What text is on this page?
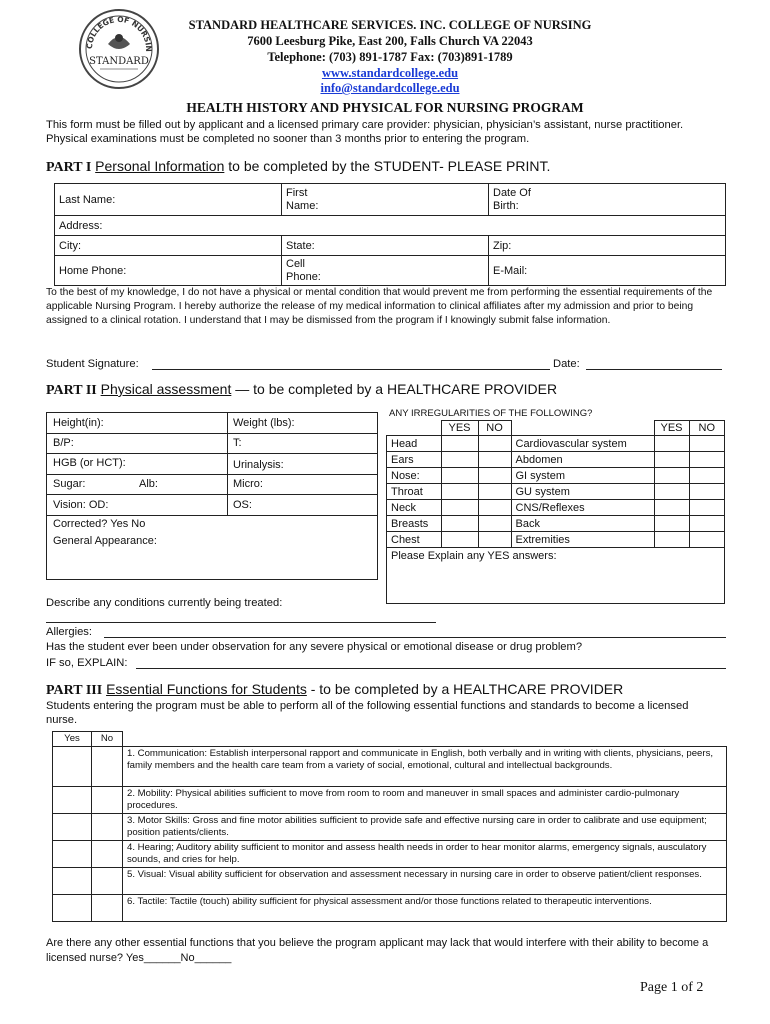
COLLEGE OF NURSIN
STANDARD
STANDARD HEALTHCARE SERVICES. INC. COLLEGE OF NURSING
7600 Leesburg Pike, East 200, Falls Church VA 22043
Telephone: (703) 891-1787 Fax: (703)891-1789
www.standardcollege.edu
info@standardcollege.edu
HEALTH HISTORY AND PHYSICAL FOR NURSING PROGRAM
This form must be filled out by applicant and a licensed primary care provider: physician, physician’s assistant, nurse practitioner. Physical examinations must be completed no sooner than 3 months prior to entering the program.
PART I Personal Information to be completed by the STUDENT- PLEASE PRINT.
Last Name:	First Name:	Date Of Birth:
Address:		
City:	State:	Zip:
Home Phone:	Cell Phone:	E-Mail:
To the best of my knowledge, I do not have a physical or mental condition that would prevent me from performing the essential requirements of the applicable Nursing Program. I hereby authorize the release of my medical information to clinical affiliates after my admission and prior to being assigned to a clinical rotation. I understand that I may be dismissed from the program if I knowingly submit false information.
Student Signature:	Date:
PART II Physical assessment — to be completed by a HEALTHCARE PROVIDER
Height(in):	Weight (lbs):
B/P:	T:
HGB (or HCT):	Urinalysis:
Sugar:	Alb:	Micro:
Vision: OD:	OS:
Corrected? Yes No
General Appearance:
ANY IRREGULARITIES OF THE FOLLOWING?
	YES	NO		YES	NO
Head			Cardiovascular system		
Ears			Abdomen		
Nose:			GI system		
Throat			GU system		
Neck			CNS/Reflexes		
Breasts			Back		
Chest			Extremities		
Please Explain any YES answers:					
Describe any conditions currently being treated:
Allergies:
Has the student ever been under observation for any severe physical or emotional disease or drug problem?
IF so, EXPLAIN:
PART III Essential Functions for Students - to be completed by a HEALTHCARE PROVIDER
Students entering the program must be able to perform all of the following essential functions and standards to become a licensed nurse.
Yes	No	
		1. Communication: Establish interpersonal rapport and communicate in English, both verbally and in writing with clients, physicians, peers, family members and the health care team from a variety of social, emotional, cultural and intellectual backgrounds.
		2. Mobility: Physical abilities sufficient to move from room to room and maneuver in small spaces and administer cardio-pulmonary procedures.
		3. Motor Skills: Gross and fine motor abilities sufficient to provide safe and effective nursing care in order to calibrate and use equipment; position patients/clients.
		4. Hearing; Auditory ability sufficient to monitor and assess health needs in order to hear monitor alarms, emergency signals, ausculatory sounds, and cries for help.
		5. Visual: Visual ability sufficient for observation and assessment necessary in nursing care in order to observe patient/client responses.
		6. Tactile: Tactile (touch) ability sufficient for physical assessment and/or those functions related to therapeutic interventions.
Are there any other essential functions that you believe the program applicant may lack that would interfere with their ability to become a licensed nurse? Yes______No______
Page 1 of 2
